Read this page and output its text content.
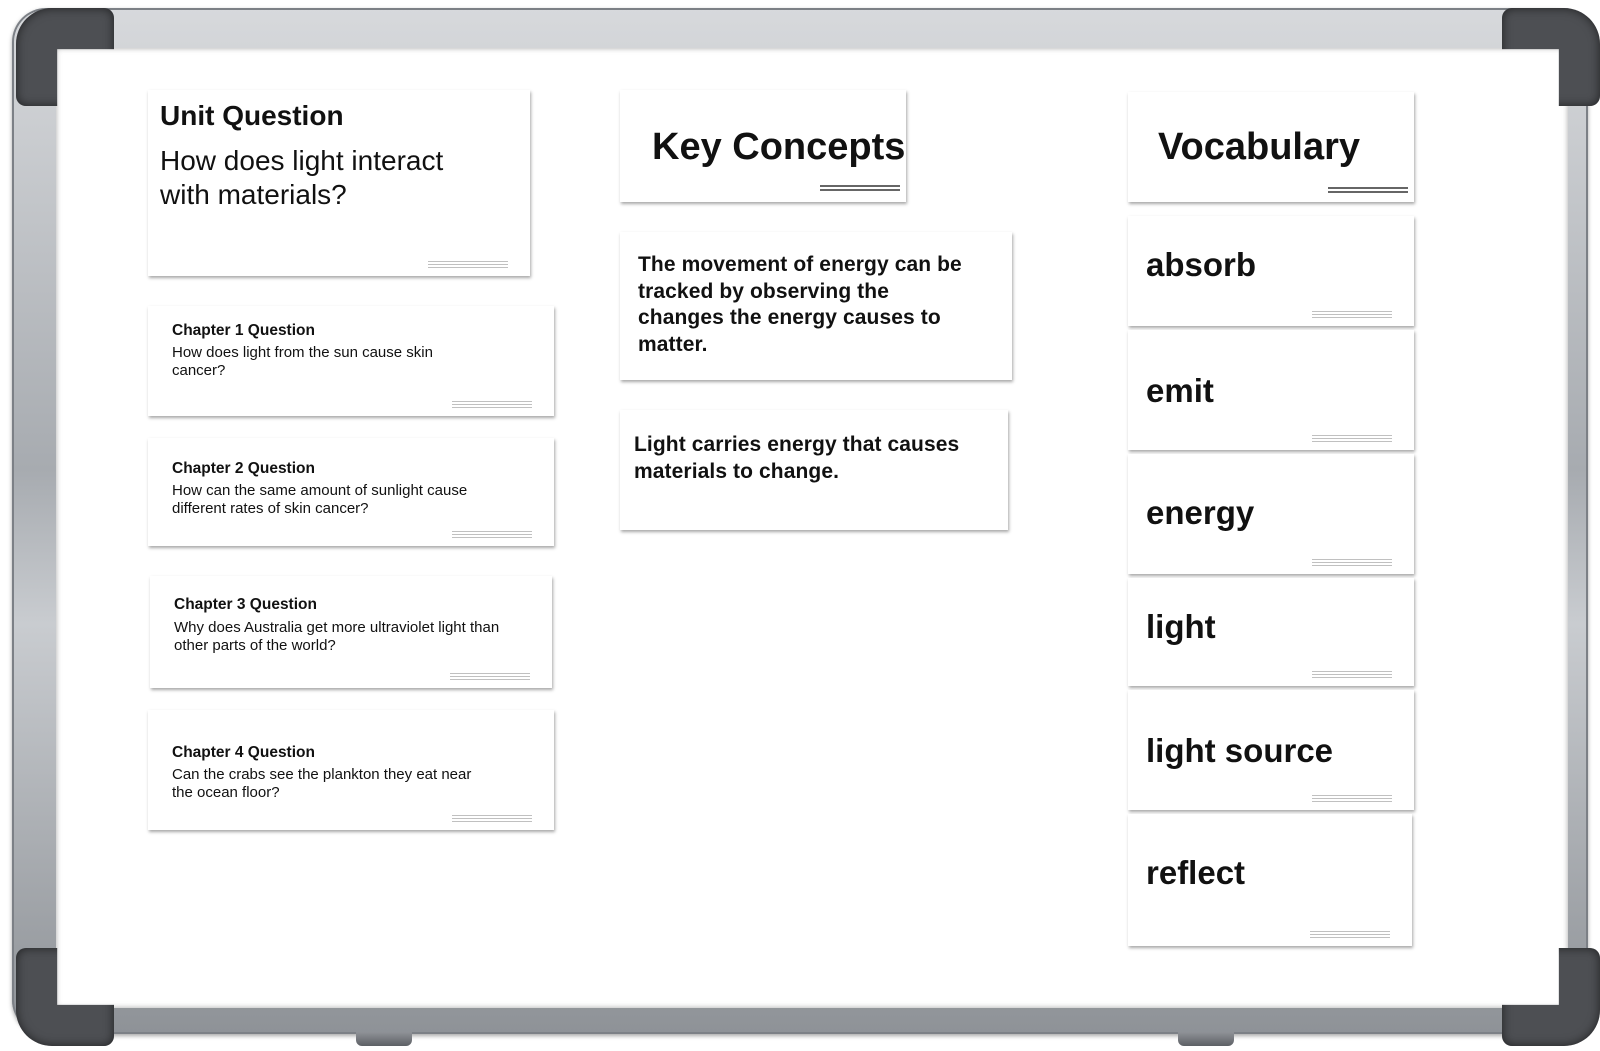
Unit Question
How does light interact with materials?
Chapter 1 Question
How does light from the sun cause skin cancer?
Chapter 2 Question
How can the same amount of sunlight cause different rates of skin cancer?
Chapter 3 Question
Why does Australia get more ultraviolet light than other parts of the world?
Chapter 4 Question
Can the crabs see the plankton they eat near the ocean floor?
Key Concepts
The movement of energy can be tracked by observing the changes the energy causes to matter.
Light carries energy that causes materials to change.
Vocabulary
absorb
emit
energy
light
light source
reflect
